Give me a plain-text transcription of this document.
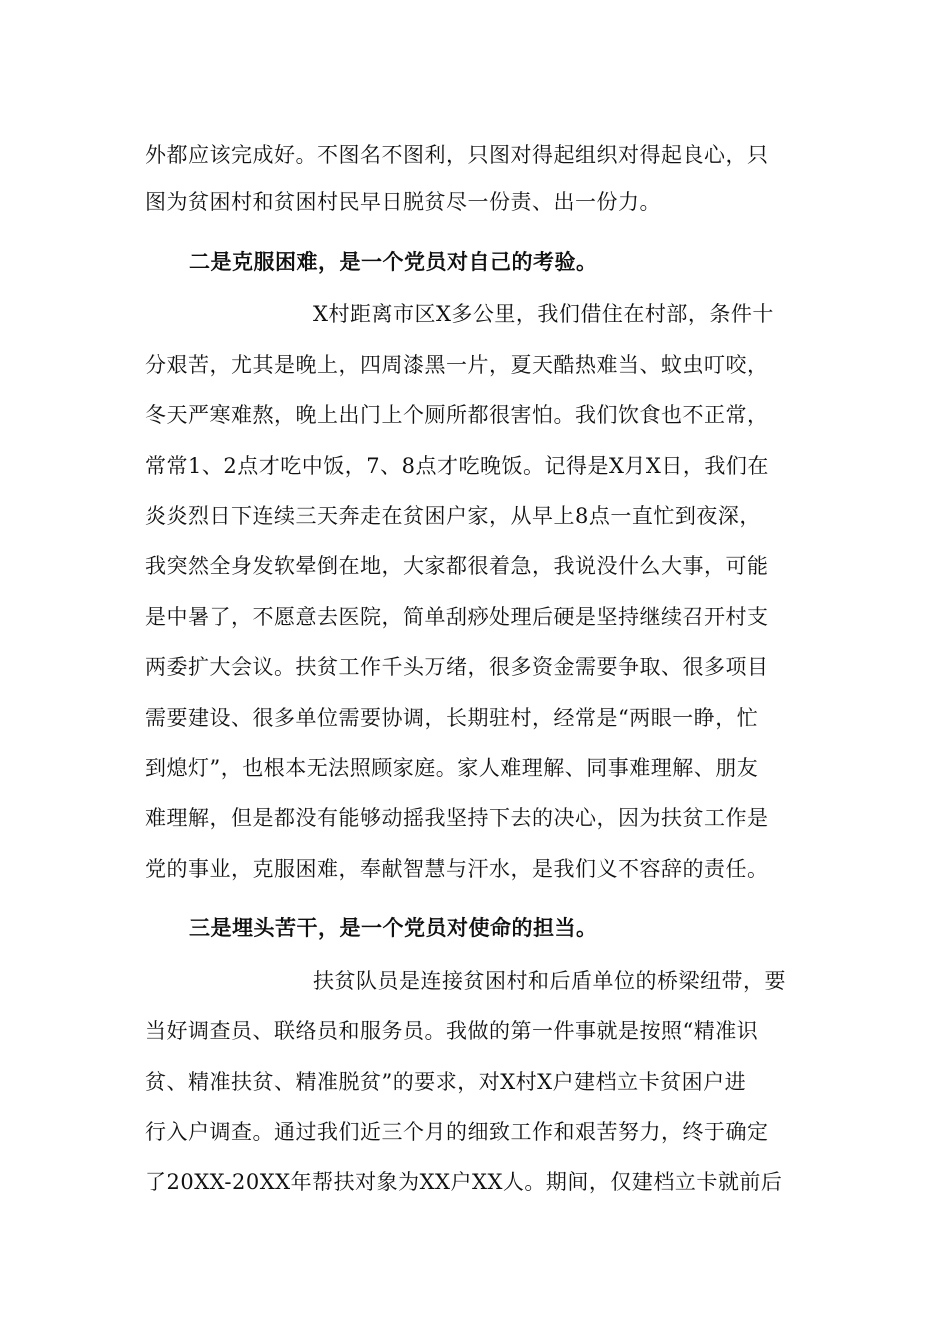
外都应该完成好。不图名不图利，只图对得起组织对得起良心，只
图为贫困村和贫困村民早日脱贫尽一份责、出一份力。
二是克服困难，是一个党员对自己的考验。
X村距离市区X多公里，我们借住在村部，条件十
分艰苦，尤其是晚上，四周漆黑一片，夏天酷热难当、蚊虫叮咬，
冬天严寒难熬，晚上出门上个厕所都很害怕。我们饮食也不正常，
常常1、2点才吃中饭，7、8点才吃晚饭。记得是X月X日，我们在
炎炎烈日下连续三天奔走在贫困户家，从早上8点一直忙到夜深，
我突然全身发软晕倒在地，大家都很着急，我说没什么大事，可能
是中暑了，不愿意去医院，简单刮痧处理后硬是坚持继续召开村支
两委扩大会议。扶贫工作千头万绪，很多资金需要争取、很多项目
需要建设、很多单位需要协调，长期驻村，经常是“两眼一睁，忙
到熄灯”，也根本无法照顾家庭。家人难理解、同事难理解、朋友
难理解，但是都没有能够动摇我坚持下去的决心，因为扶贫工作是
党的事业，克服困难，奉献智慧与汗水，是我们义不容辞的责任。
三是埋头苦干，是一个党员对使命的担当。
扶贫队员是连接贫困村和后盾单位的桥梁纽带，要
当好调查员、联络员和服务员。我做的第一件事就是按照“精准识
贫、精准扶贫、精准脱贫”的要求，对X村X户建档立卡贫困户进
行入户调查。通过我们近三个月的细致工作和艰苦努力，终于确定
了20XX-20XX年帮扶对象为XX户XX人。期间，仅建档立卡就前后
